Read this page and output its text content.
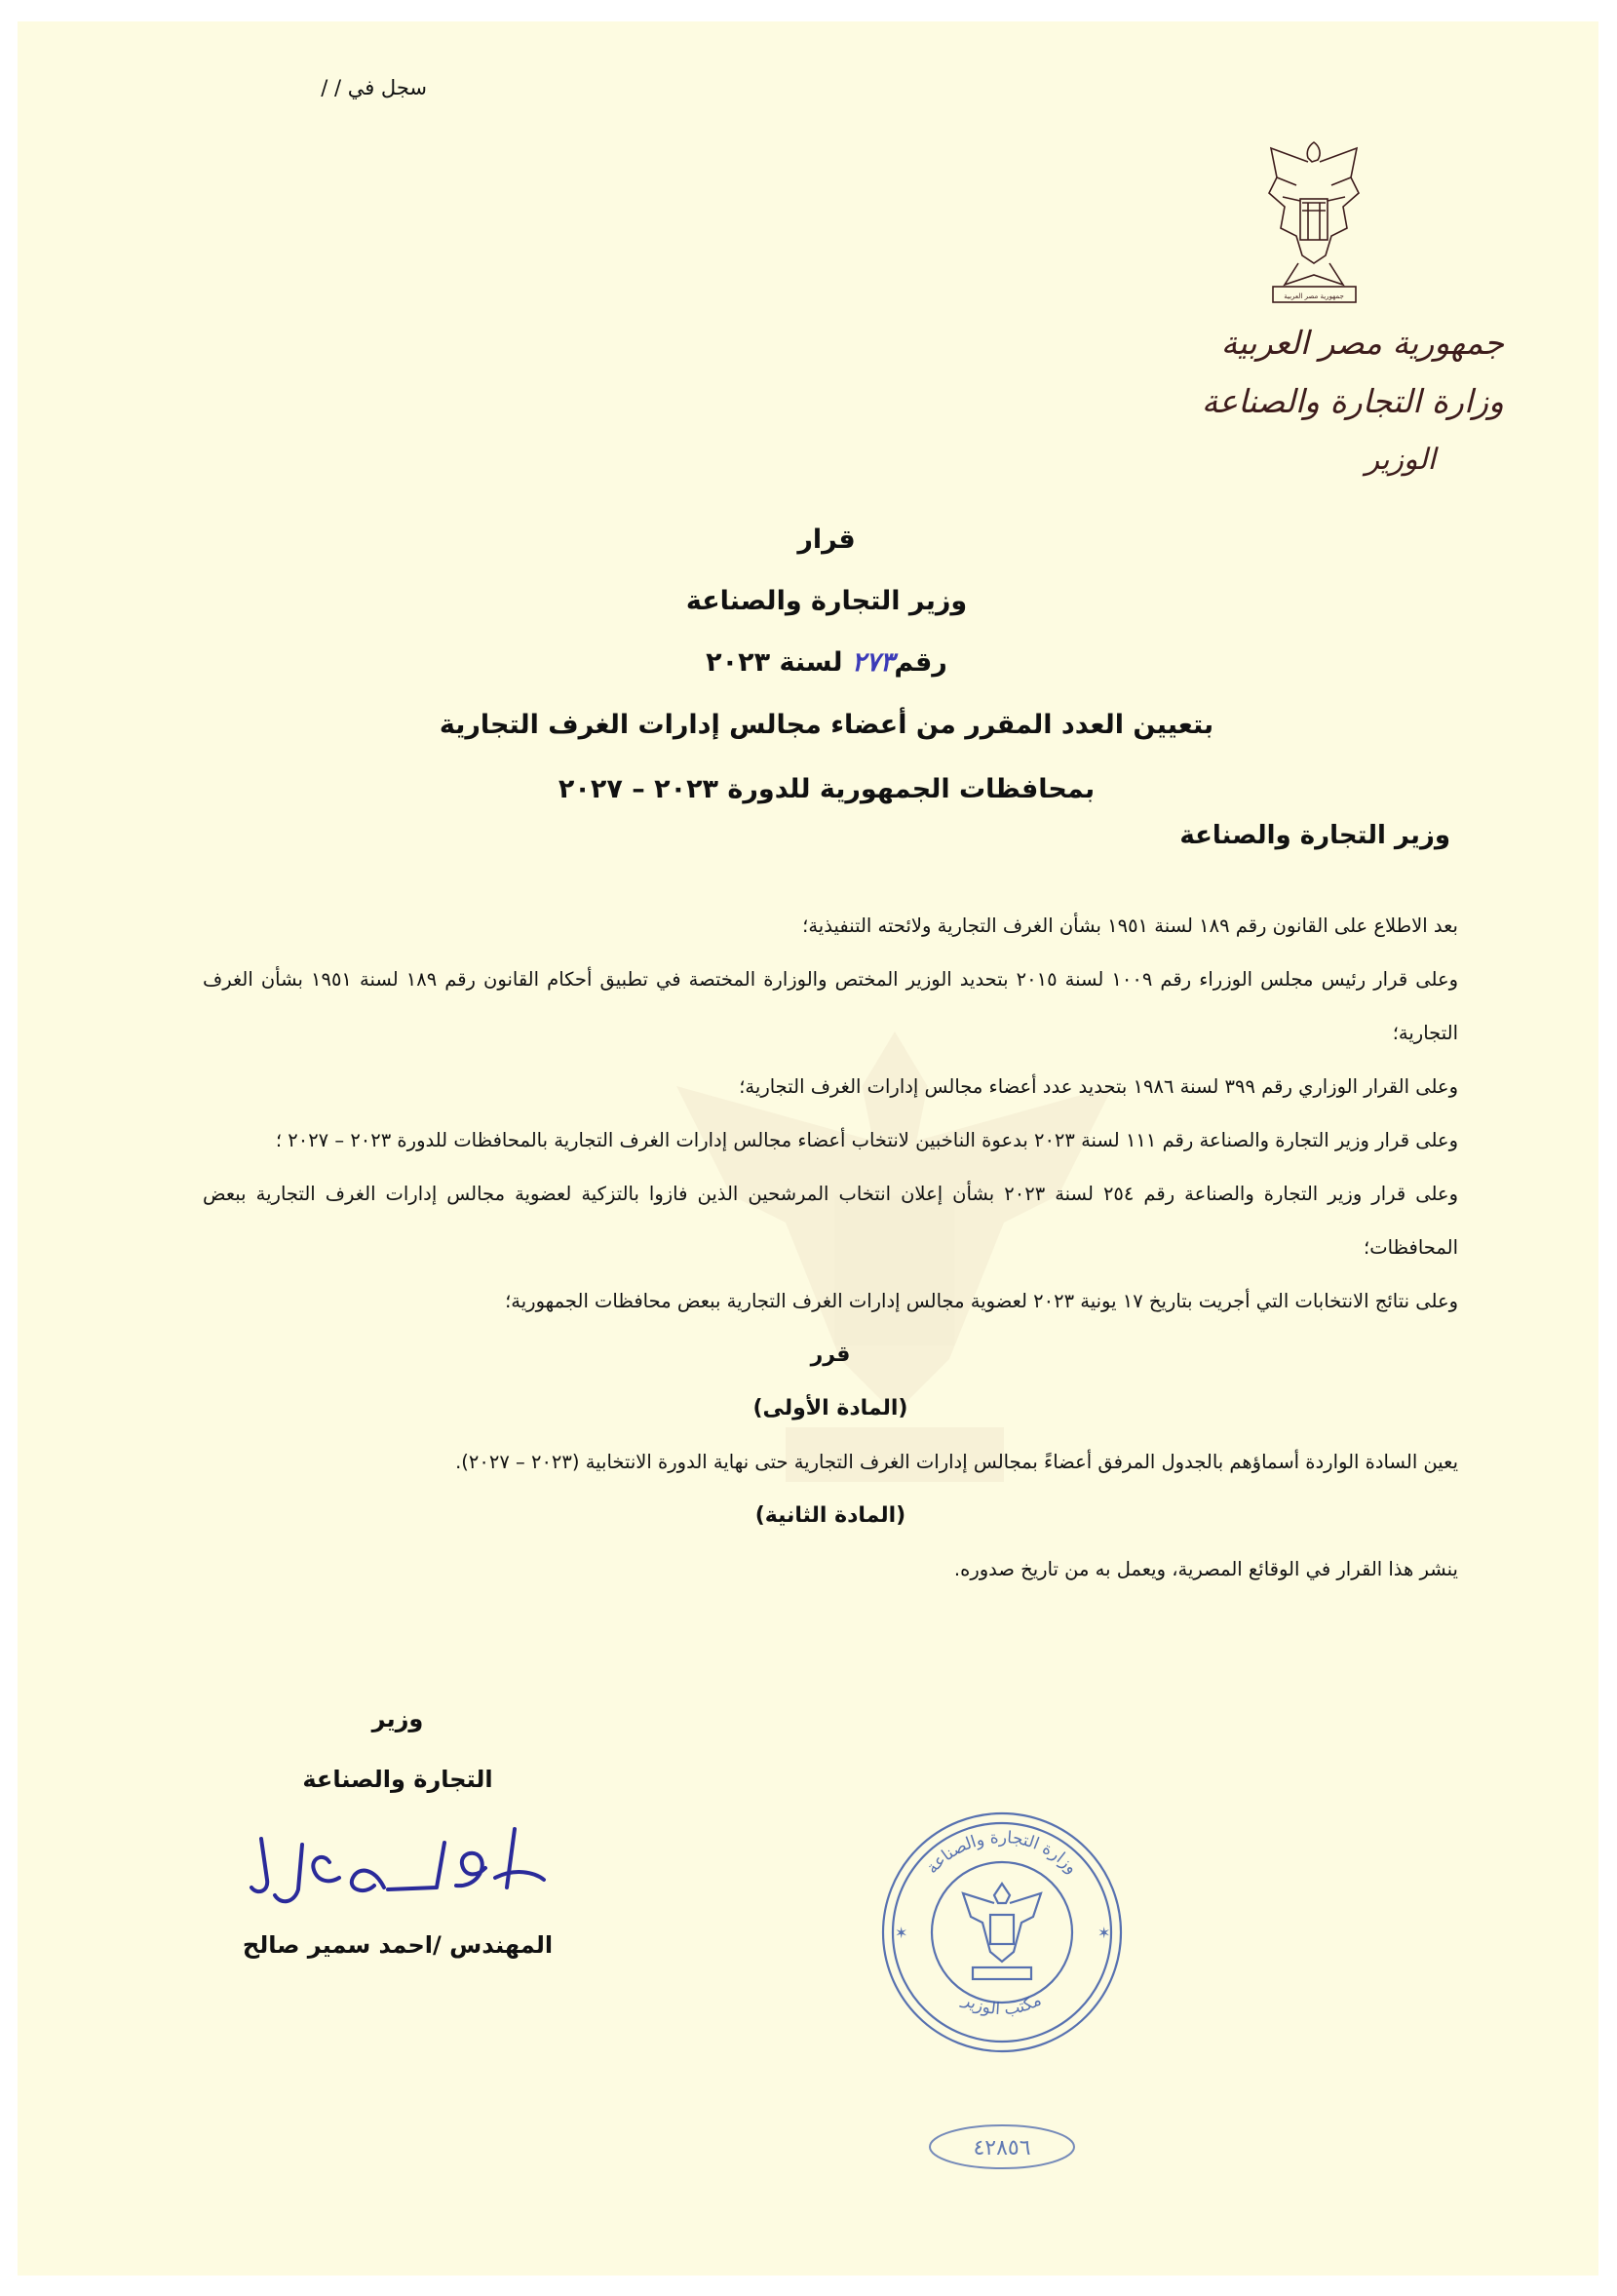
سجل في / /
جمهورية مصر العربية
جمهورية مصر العربية
وزارة التجارة والصناعة
الوزير
قرار
وزير التجارة والصناعة
رقم٢٧٣ لسنة ٢٠٢٣
بتعيين العدد المقرر من أعضاء مجالس إدارات الغرف التجارية
بمحافظات الجمهورية للدورة ٢٠٢٣ – ٢٠٢٧
وزير التجارة والصناعة

بعد الاطلاع على القانون رقم ١٨٩ لسنة ١٩٥١ بشأن الغرف التجارية ولائحته التنفيذية؛

وعلى قرار رئيس مجلس الوزراء رقم ١٠٠٩ لسنة ٢٠١٥ بتحديد الوزير المختص والوزارة المختصة في تطبيق أحكام القانون رقم ١٨٩ لسنة ١٩٥١ بشأن الغرف التجارية؛

وعلى القرار الوزاري رقم ٣٩٩ لسنة ١٩٨٦ بتحديد عدد أعضاء مجالس إدارات الغرف التجارية؛

وعلى قرار وزير التجارة والصناعة رقم ١١١ لسنة ٢٠٢٣ بدعوة الناخبين لانتخاب أعضاء مجالس إدارات الغرف التجارية بالمحافظات للدورة ٢٠٢٣ – ٢٠٢٧ ؛

وعلى قرار وزير التجارة والصناعة رقم ٢٥٤ لسنة ٢٠٢٣ بشأن إعلان انتخاب المرشحين الذين فازوا بالتزكية لعضوية مجالس إدارات الغرف التجارية ببعض المحافظات؛

وعلى نتائج الانتخابات التي أجريت بتاريخ ١٧ يونية ٢٠٢٣ لعضوية مجالس إدارات الغرف التجارية ببعض محافظات الجمهورية؛

قرر

(المادة الأولى)

يعين السادة الواردة أسماؤهم بالجدول المرفق أعضاءً بمجالس إدارات الغرف التجارية حتى نهاية الدورة الانتخابية (٢٠٢٣ – ٢٠٢٧).

(المادة الثانية)

ينشر هذا القرار في الوقائع المصرية، ويعمل به من تاريخ صدوره.

وزير
التجارة والصناعة
احمد سمير صالح
المهندس /احمد سمير صالح
وزارة التجارة والصناعة
مكتب الوزير
✶	✶
٤٢٨٥٦
